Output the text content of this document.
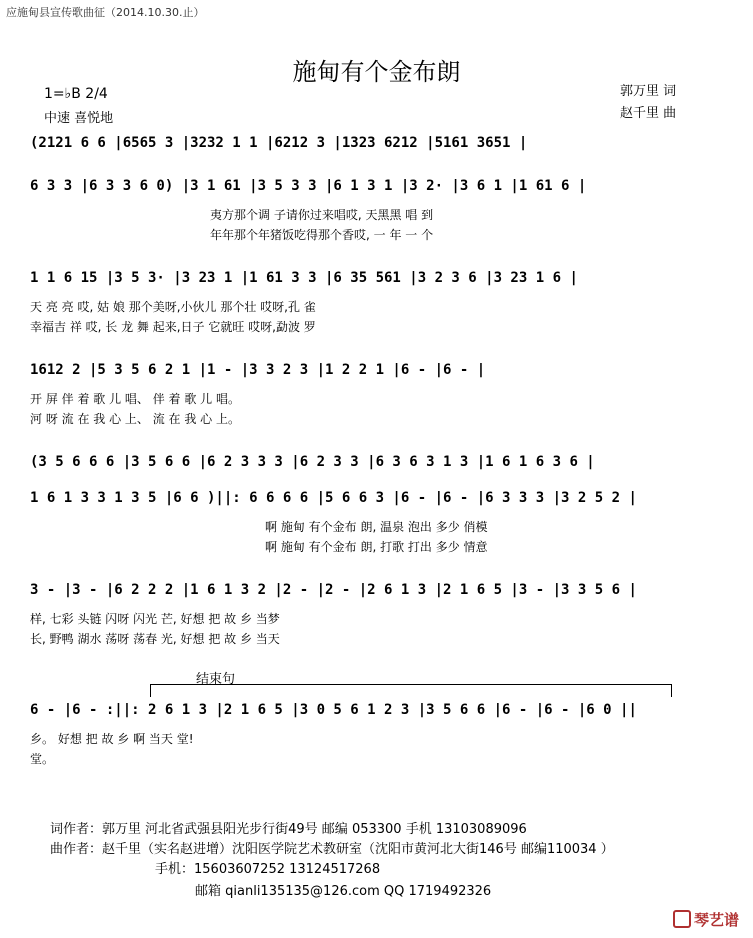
应施甸县宣传歌曲征（2014.10.30.止）
施甸有个金布朗
郭万里 词
赵千里 曲
1=♭B 2/4
中速 喜悦地
结束句
(2121 6 6 |6565 3 |3232 1 1 |6212 3 |1323 6212 |5161 3651 |
6 3 3 |6 3 3 6 0) |3 1 61 |3 5 3 3 |6 1 3 1 |3 2· |3 6 1 |1 61 6 |
夷方那个调 子请你过来唱哎, 天黑黑 唱 到
年年那个年猪饭吃得那个香哎, 一 年 一 个
1 1 6 15 |3 5 3· |3 23 1 |1 61 3 3 |6 35 561 |3 2 3 6 |3 23 1 6 |
天 亮 亮 哎, 姑 娘 那个美呀,小伙儿 那个壮 哎呀,孔 雀
幸福吉 祥 哎, 长 龙 舞 起来,日子 它就旺 哎呀,勐波 罗
1612 2 |5 3 5 6 2 1 |1 - |3 3 2 3 |1 2 2 1 |6 - |6 - |
开 屏 伴 着 歌 儿 唱、 伴 着 歌 儿 唱。
河 呀 流 在 我 心 上、 流 在 我 心 上。
(3 5 6 6 6 |3 5 6 6 |6 2 3 3 3 |6 2 3 3 |6 3 6 3 1 3 |1 6 1 6 3 6 |
1 6 1 3 3 1 3 5 |6 6 )||: 6 6 6 6 |5 6 6 3 |6 - |6 - |6 3 3 3 |3 2 5 2 |
啊 施甸 有个金布 朗, 温泉 泡出 多少 俏模
啊 施甸 有个金布 朗, 打歌 打出 多少 情意
3 - |3 - |6 2 2 2 |1 6 1 3 2 |2 - |2 - |2 6 1 3 |2 1 6 5 |3 - |3 3 5 6 |
样, 七彩 头链 闪呀 闪光 芒, 好想 把 故 乡 当梦
长, 野鸭 湖水 荡呀 荡春 光, 好想 把 故 乡 当天
6 - |6 - :||: 2 6 1 3 |2 1 6 5 |3 0 5 6 1 2 3 |3 5 6 6 |6 - |6 - |6 0 ||
乡。 好想 把 故 乡 啊 当天 堂!
堂。
词作者：郭万里 河北省武强县阳光步行街49号 邮编 053300 手机 13103089096
曲作者：赵千里（实名赵进增）沈阳医学院艺术教研室（沈阳市黄河北大街146号 邮编110034 ）
手机：15603607252 13124517268
邮箱 qianli135135@126.com QQ 1719492326
琴艺谱
